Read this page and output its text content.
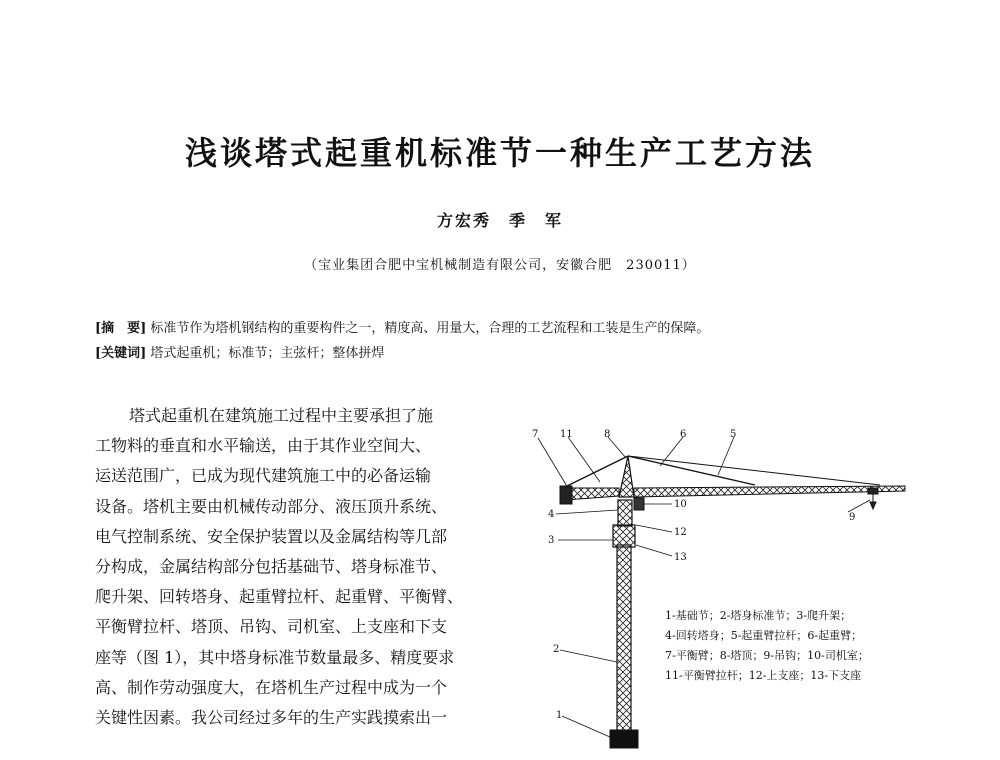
浅谈塔式起重机标准节一种生产工艺方法
方宏秀　季　军
（宝业集团合肥中宝机械制造有限公司，安徽合肥　230011）
[摘　要] 标准节作为塔机钢结构的重要构件之一，精度高、用量大，合理的工艺流程和工装是生产的保障。
[关键词] 塔式起重机；标准节；主弦杆；整体拼焊
塔式起重机在建筑施工过程中主要承担了施
工物料的垂直和水平输送，由于其作业空间大、
运送范围广，已成为现代建筑施工中的必备运输
设备。塔机主要由机械传动部分、液压顶升系统、
电气控制系统、安全保护装置以及金属结构等几部
分构成，金属结构部分包括基础节、塔身标准节、
爬升架、回转塔身、起重臂拉杆、起重臂、平衡臂、
平衡臂拉杆、塔顶、吊钩、司机室、上支座和下支
座等（图 1），其中塔身标准节数量最多、精度要求
高、制作劳动强度大，在塔机生产过程中成为一个
关键性因素。我公司经过多年的生产实践摸索出一
7 11	8	6	5
4
10
12
3
13
9
2
1
1-基础节；2-塔身标准节；3-爬升架；
4-回转塔身；5-起重臂拉杆；6-起重臂；
7-平衡臂；8-塔顶；9-吊钩；10-司机室；
11-平衡臂拉杆；12-上支座；13-下支座
